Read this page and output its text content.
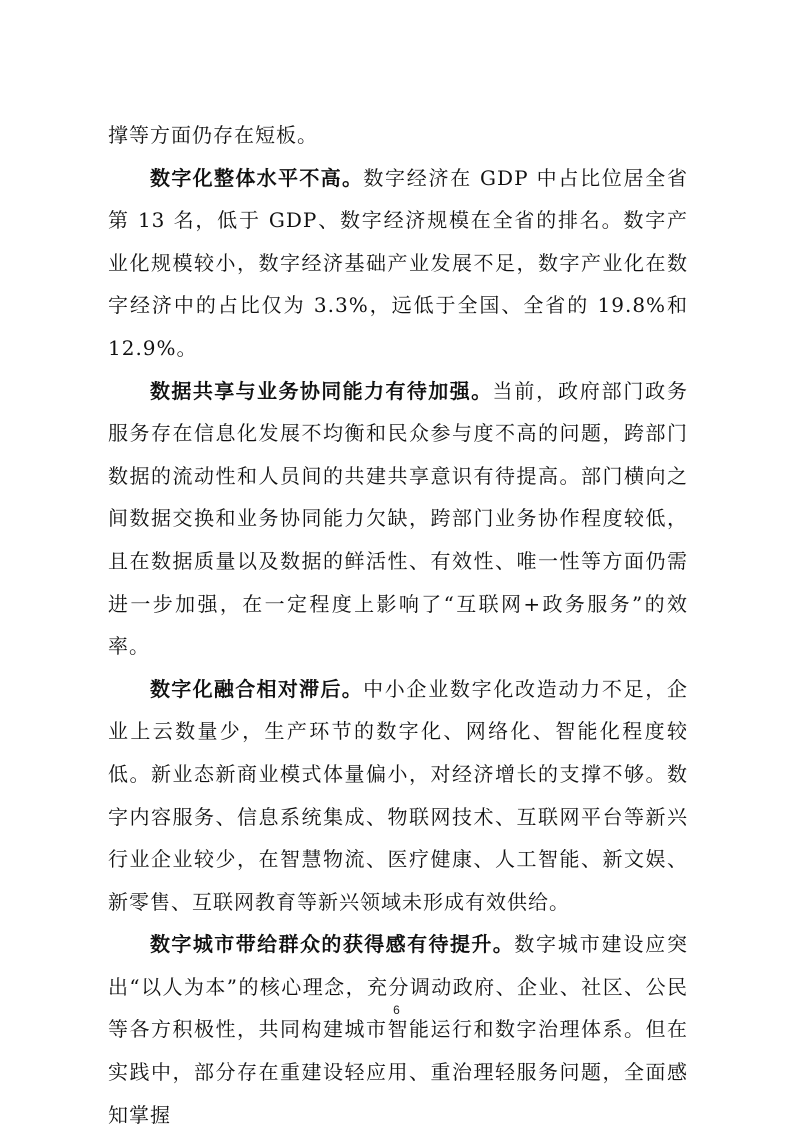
撑等方面仍存在短板。

数字化整体水平不高。数字经济在 GDP 中占比位居全省第 13 名，低于 GDP、数字经济规模在全省的排名。数字产业化规模较小，数字经济基础产业发展不足，数字产业化在数字经济中的占比仅为 3.3%，远低于全国、全省的 19.8%和 12.9%。

数据共享与业务协同能力有待加强。当前，政府部门政务服务存在信息化发展不均衡和民众参与度不高的问题，跨部门数据的流动性和人员间的共建共享意识有待提高。部门横向之间数据交换和业务协同能力欠缺，跨部门业务协作程度较低，且在数据质量以及数据的鲜活性、有效性、唯一性等方面仍需进一步加强，在一定程度上影响了“互联网+政务服务”的效率。

数字化融合相对滞后。中小企业数字化改造动力不足，企业上云数量少，生产环节的数字化、网络化、智能化程度较低。新业态新商业模式体量偏小，对经济增长的支撑不够。数字内容服务、信息系统集成、物联网技术、互联网平台等新兴行业企业较少，在智慧物流、医疗健康、人工智能、新文娱、新零售、互联网教育等新兴领域未形成有效供给。

数字城市带给群众的获得感有待提升。数字城市建设应突出“以人为本”的核心理念，充分调动政府、企业、社区、公民等各方积极性，共同构建城市智能运行和数字治理体系。但在实践中，部分存在重建设轻应用、重治理轻服务问题，全面感知掌握

6
